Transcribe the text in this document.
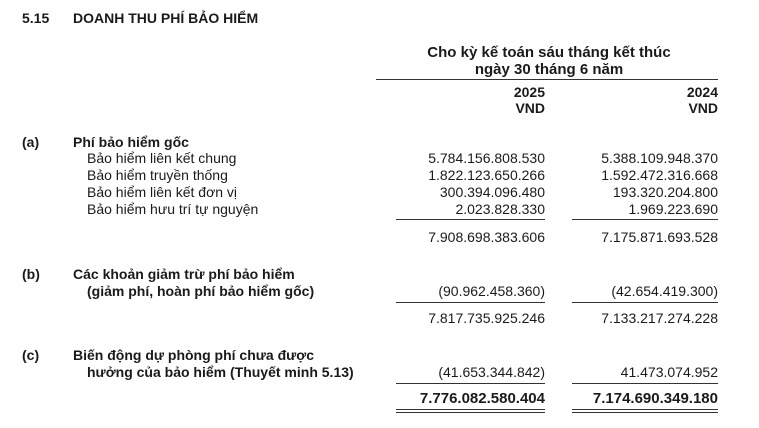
5.15 DOANH THU PHÍ BẢO HIỂM
Cho kỳ kế toán sáu tháng kết thúc
ngày 30 tháng 6 năm
2025
VND
2024
VND
(a) Phí bảo hiểm gốc
Bảo hiểm liên kết chung	5.784.156.808.530	5.388.109.948.370
Bảo hiểm truyền thống	1.822.123.650.266	1.592.472.316.668
Bảo hiểm liên kết đơn vị	300.394.096.480	193.320.204.800
Bảo hiểm hưu trí tự nguyện	2.023.828.330	1.969.223.690
7.908.698.383.606	7.175.871.693.528
(b) Các khoản giảm trừ phí bảo hiểm
(giảm phí, hoàn phí bảo hiểm gốc)	(90.962.458.360)	(42.654.419.300)
7.817.735.925.246	7.133.217.274.228
(c) Biến động dự phòng phí chưa được
hưởng của bảo hiểm (Thuyết minh 5.13)	(41.653.344.842)	41.473.074.952
7.776.082.580.404	7.174.690.349.180
